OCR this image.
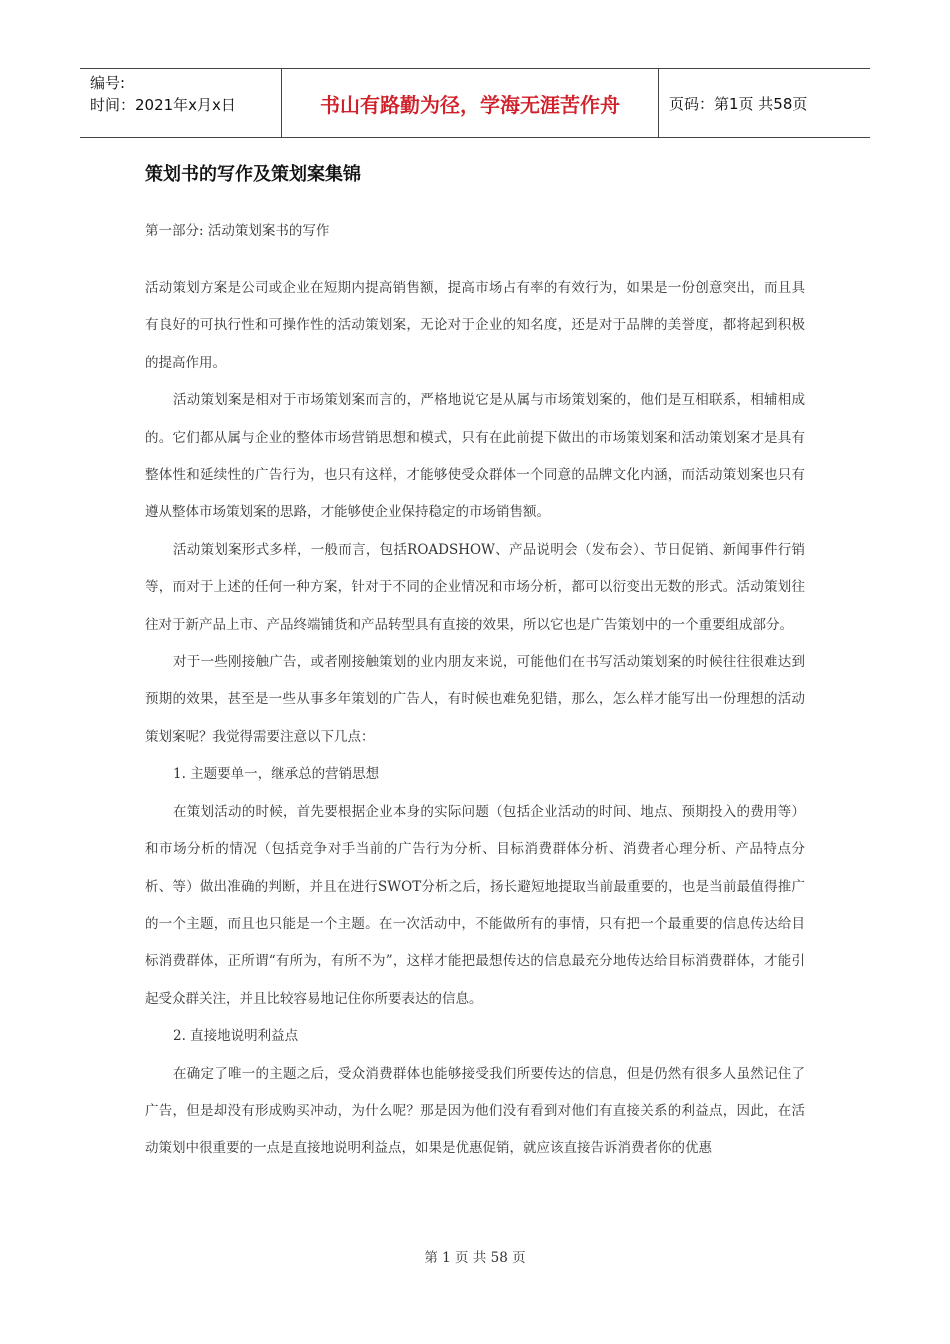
编号:
时间：2021年x月x日	书山有路勤为径，学海无涯苦作舟	页码：第1页 共58页
策划书的写作及策划案集锦
第一部分: 活动策划案书的写作

活动策划方案是公司或企业在短期内提高销售额，提高市场占有率的有效行为，如果是一份创意突出，而且具有良好的可执行性和可操作性的活动策划案，无论对于企业的知名度，还是对于品牌的美誉度，都将起到积极的提高作用。

活动策划案是相对于市场策划案而言的，严格地说它是从属与市场策划案的，他们是互相联系，相辅相成的。它们都从属与企业的整体市场营销思想和模式，只有在此前提下做出的市场策划案和活动策划案才是具有整体性和延续性的广告行为，也只有这样，才能够使受众群体一个同意的品牌文化内涵，而活动策划案也只有遵从整体市场策划案的思路，才能够使企业保持稳定的市场销售额。

活动策划案形式多样，一般而言，包括ROADSHOW、产品说明会（发布会）、节日促销、新闻事件行销等，而对于上述的任何一种方案，针对于不同的企业情况和市场分析，都可以衍变出无数的形式。活动策划往往对于新产品上市、产品终端铺货和产品转型具有直接的效果，所以它也是广告策划中的一个重要组成部分。

对于一些刚接触广告，或者刚接触策划的业内朋友来说，可能他们在书写活动策划案的时候往往很难达到预期的效果，甚至是一些从事多年策划的广告人，有时候也难免犯错，那么，怎么样才能写出一份理想的活动策划案呢？我觉得需要注意以下几点：

1. 主题要单一，继承总的营销思想

在策划活动的时候，首先要根据企业本身的实际问题（包括企业活动的时间、地点、预期投入的费用等）和市场分析的情况（包括竞争对手当前的广告行为分析、目标消费群体分析、消费者心理分析、产品特点分析、等）做出准确的判断，并且在进行SWOT分析之后，扬长避短地提取当前最重要的，也是当前最值得推广的一个主题，而且也只能是一个主题。在一次活动中，不能做所有的事情，只有把一个最重要的信息传达给目标消费群体，正所谓“有所为，有所不为”，这样才能把最想传达的信息最充分地传达给目标消费群体，才能引起受众群关注，并且比较容易地记住你所要表达的信息。

2. 直接地说明利益点

在确定了唯一的主题之后，受众消费群体也能够接受我们所要传达的信息，但是仍然有很多人虽然记住了广告，但是却没有形成购买冲动，为什么呢？那是因为他们没有看到对他们有直接关系的利益点，因此，在活动策划中很重要的一点是直接地说明利益点，如果是优惠促销，就应该直接告诉消费者你的优惠

第 1 页 共 58 页
